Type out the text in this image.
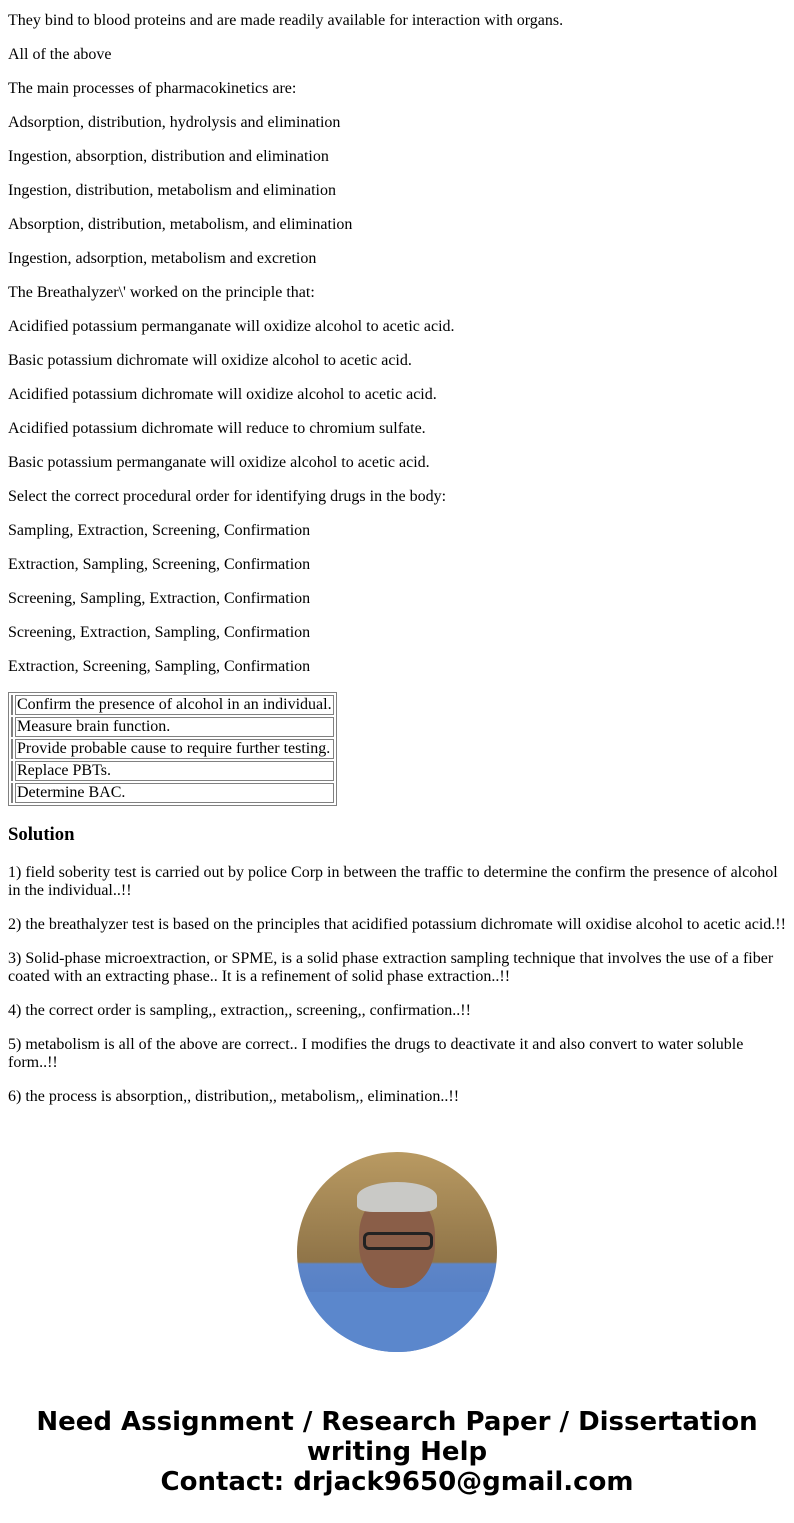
They bind to blood proteins and are made readily available for interaction with organs.

All of the above

The main processes of pharmacokinetics are:

Adsorption, distribution, hydrolysis and elimination

Ingestion, absorption, distribution and elimination

Ingestion, distribution, metabolism and elimination

Absorption, distribution, metabolism, and elimination

Ingestion, adsorption, metabolism and excretion

The Breathalyzer\' worked on the principle that:

Acidified potassium permanganate will oxidize alcohol to acetic acid.

Basic potassium dichromate will oxidize alcohol to acetic acid.

Acidified potassium dichromate will oxidize alcohol to acetic acid.

Acidified potassium dichromate will reduce to chromium sulfate.

Basic potassium permanganate will oxidize alcohol to acetic acid.

Select the correct procedural order for identifying drugs in the body:

Sampling, Extraction, Screening, Confirmation

Extraction, Sampling, Screening, Confirmation

Screening, Sampling, Extraction, Confirmation

Screening, Extraction, Sampling, Confirmation

Extraction, Screening, Sampling, Confirmation

	Confirm the presence of alcohol in an individual.
	Measure brain function.
	Provide probable cause to require further testing.
	Replace PBTs.
	Determine BAC.
Solution

1) field soberity test is carried out by police Corp in between the traffic to determine the confirm the presence of alcohol in the individual..!!

2) the breathalyzer test is based on the principles that acidified potassium dichromate will oxidise alcohol to acetic acid.!!

3) Solid-phase microextraction, or SPME, is a solid phase extraction sampling technique that involves the use of a fiber coated with an extracting phase.. It is a refinement of solid phase extraction..!!

4) the correct order is sampling,, extraction,, screening,, confirmation..!!

5) metabolism is all of the above are correct.. I modifies the drugs to deactivate it and also convert to water soluble form..!!

6) the process is absorption,, distribution,, metabolism,, elimination..!!

Need Assignment / Research Paper / Dissertation writing Help
Contact: drjack9650@gmail.com
